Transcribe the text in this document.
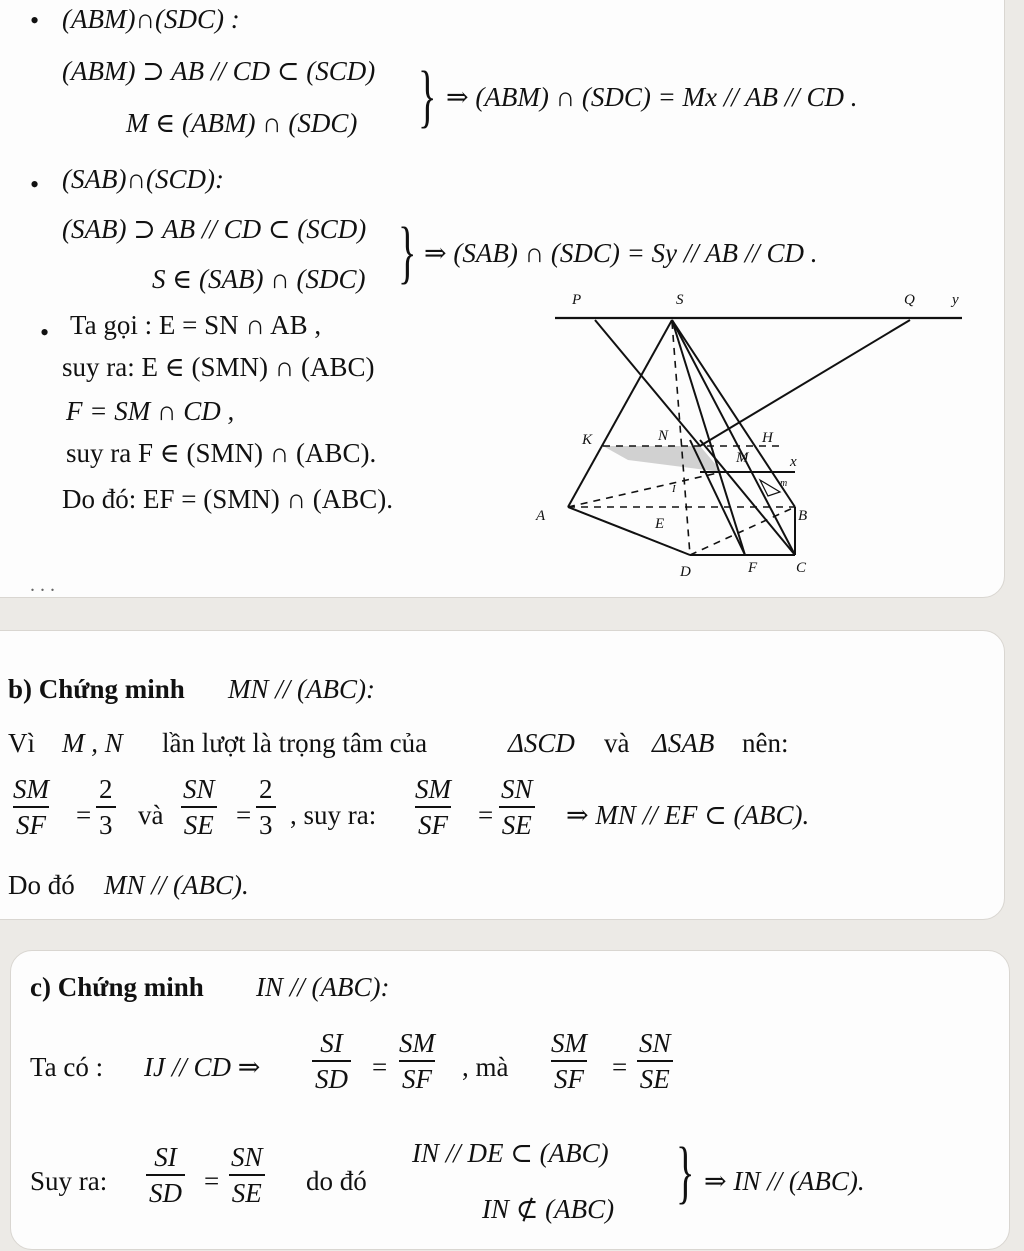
• (ABM)∩(SDC) :
(ABM) ⊃ AB // CD ⊂ (SCD)
M ∈ (ABM) ∩ (SDC) } ⇒ (ABM) ∩ (SDC) = Mx // AB // CD .
• (SAB)∩(SCD):
(SAB) ⊃ AB // CD ⊂ (SCD)
S ∈ (SAB) ∩ (SDC) } ⇒ (SAB) ∩ (SDC) = Sy // AB // CD .
• Ta gọi : E = SN ∩ AB ,
suy ra: E ∈ (SMN) ∩ (ABC)
F = SM ∩ CD ,
suy ra F ∈ (SMN) ∩ (ABC).
Do đó: EF = (SMN) ∩ (ABC).
. . .
P	S	Q y
K	N	H
M	x
m
I
A	B
E
D	F	C
b) Chứng minh MN // (ABC):
Vì M , N lần lượt là trọng tâm của	ΔSCD và ΔSAB nên:
$\frac{SM}{SF} = \frac{2}{3}$ và $\frac{SN}{SE} = \frac{2}{3}$ , suy ra: $\frac{SM}{SF} = \frac{SN}{SE}$ ⇒ MN // EF ⊂ (ABC).
Do đó MN // (ABC).
c) Chứng minh IN // (ABC):
Ta có : IJ // CD ⇒ $\frac{SI}{SD} = \frac{SM}{SF}$ , mà $\frac{SM}{SF} = \frac{SN}{SE}$
Suy ra: $\frac{SI}{SD} = \frac{SN}{SE}$ do đó
IN // DE ⊂ (ABC)
IN ⊄ (ABC) } ⇒ IN // (ABC).
